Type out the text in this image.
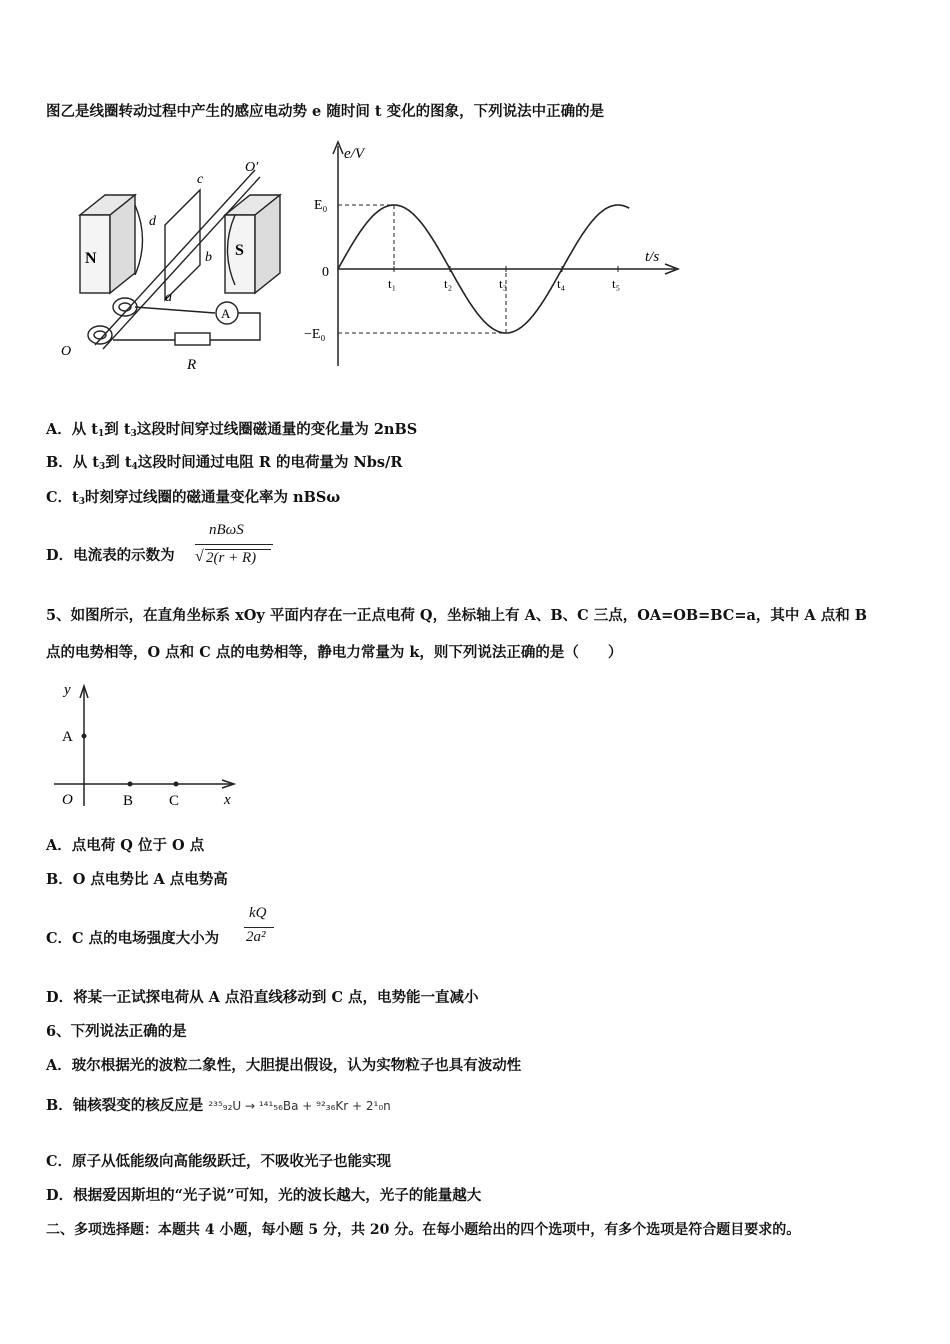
图乙是线圈转动过程中产生的感应电动势 e 随时间 t 变化的图象，下列说法中正确的是
N	S
c
d
b
a
O′
O
A
R
e/V
t/s
E₀
−E₀
0
t₁	t₂	t₃	t₄	t₅
A．从 $t_1$到 $t_3$这段时间穿过线圈磁通量的变化量为 2nBS
B．从 $t_3$到 $t_4$这段时间通过电阻 R 的电荷量为 Nbs/R
C．$t_3$时刻穿过线圈的磁通量变化率为 nBSω
D．电流表的示数为
nBωS
√ 2(r + R)
5、如图所示，在直角坐标系 xOy 平面内存在一正点电荷 Q，坐标轴上有 A、B、C 三点，OA=OB=BC=a，其中 A 点和 B
点的电势相等，O 点和 C 点的电势相等，静电力常量为 k，则下列说法正确的是（　　）
y
A
O	B C	x
A．点电荷 Q 位于 O 点
B．O 点电势比 A 点电势高
C．C 点的电场强度大小为
kQ
2a²
D．将某一正试探电荷从 A 点沿直线移动到 C 点，电势能一直减小
6、下列说法正确的是
A．玻尔根据光的波粒二象性，大胆提出假设，认为实物粒子也具有波动性
B．铀核裂变的核反应是 ²³⁵₉₂U → ¹⁴¹₅₆Ba + ⁹²₃₆Kr + 2¹₀n
C．原子从低能级向高能级跃迁，不吸收光子也能实现
D．根据爱因斯坦的“光子说”可知，光的波长越大，光子的能量越大
二、多项选择题：本题共 4 小题，每小题 5 分，共 20 分。在每小题给出的四个选项中，有多个选项是符合题目要求的。
